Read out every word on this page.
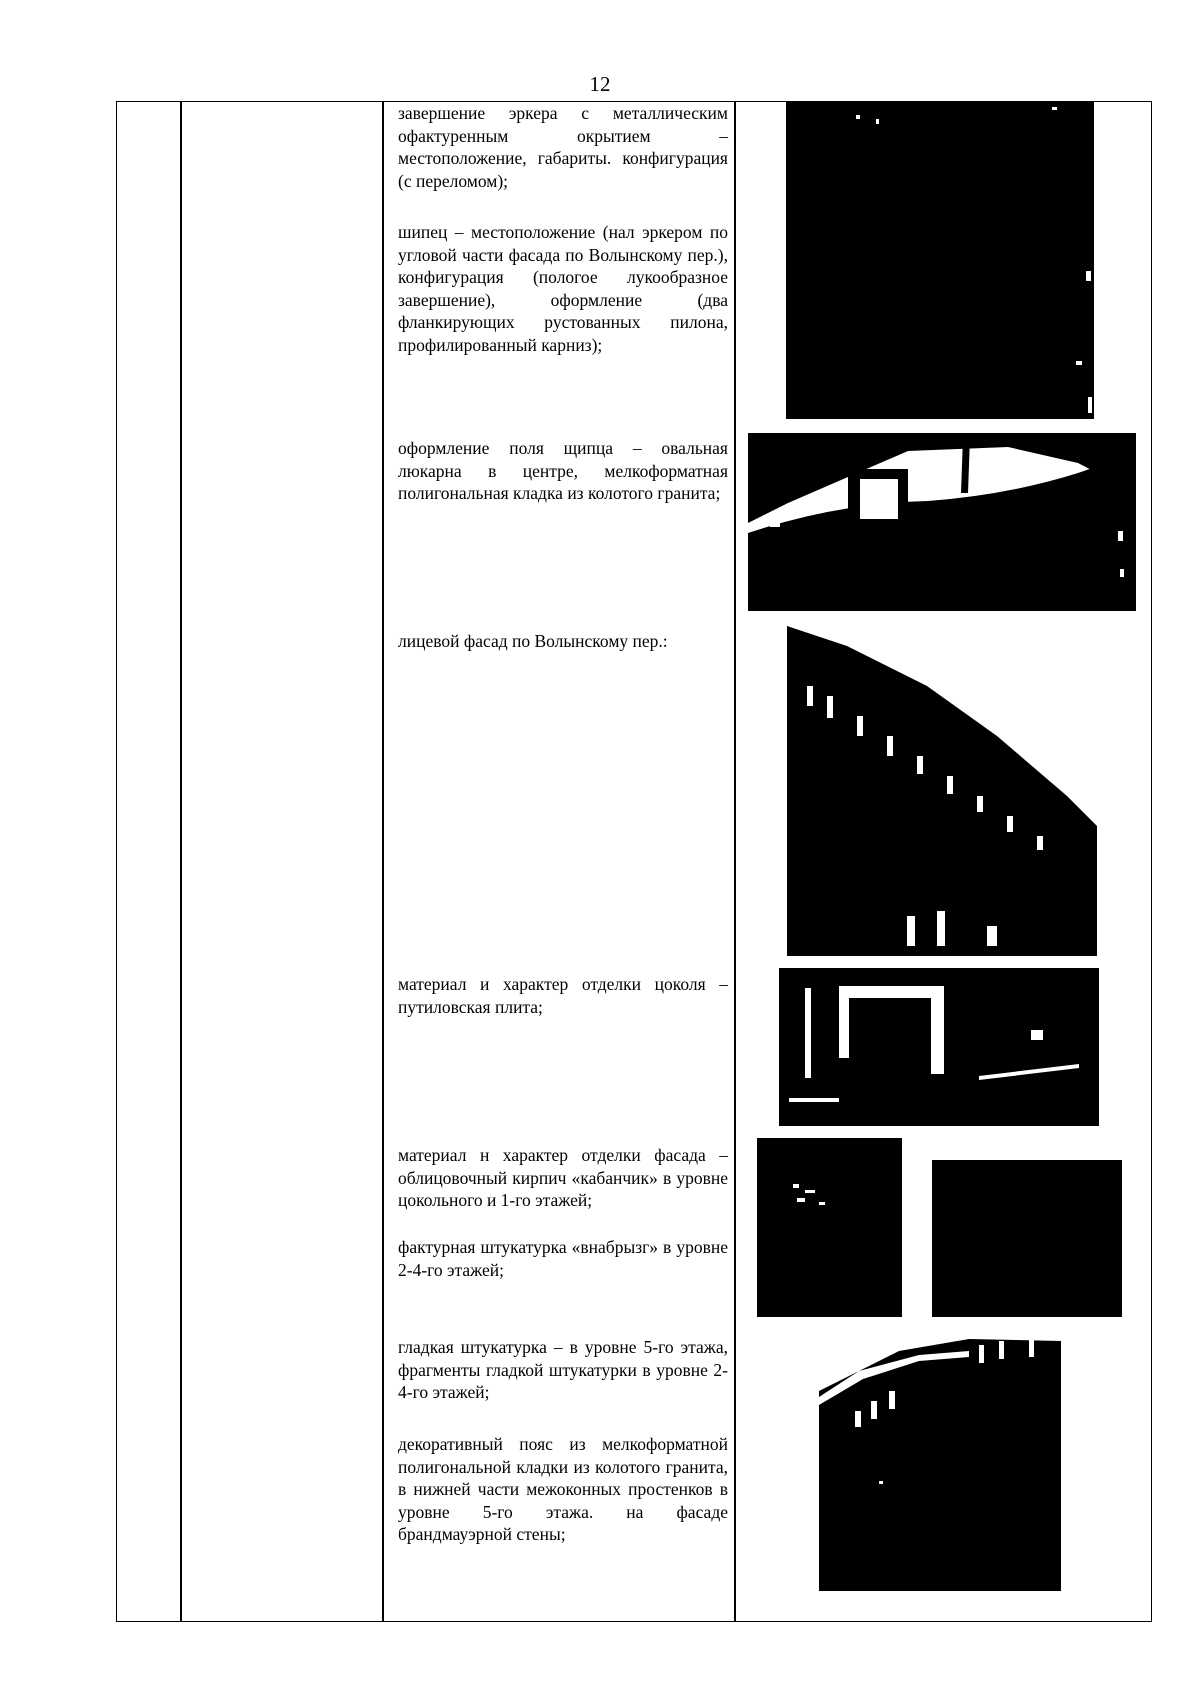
12
завершение эркера с металлическим офактуренным окрытием – местоположение, габариты. конфигурация (с переломом);
шипец – местоположение (нал эркером по угловой части фасада по Волынскому пер.), конфигурация (пологое лукообразное завершение), оформление (два фланкирующих рустованных пилона, профилированный карниз);
оформление поля щипца – овальная люкарна в центре, мелкоформатная полигональная кладка из колотого гранита;
лицевой фасад по Волынскому пер.:
материал и характер отделки цоколя – путиловская плита;
материал н характер отделки фасада – облицовочный кирпич «кабанчик» в уровне цокольного и 1-го этажей;
фактурная штукатурка «внабрызг» в уровне 2-4-го этажей;
гладкая штукатурка – в уровне 5-го этажа, фрагменты гладкой штукатурки в уровне 2-4-го этажей;
декоративный пояс из мелкоформатной полигональной кладки из колотого гранита, в нижней части межоконных простенков в уровне 5-го этажа. на фасаде брандмауэрной стены;
